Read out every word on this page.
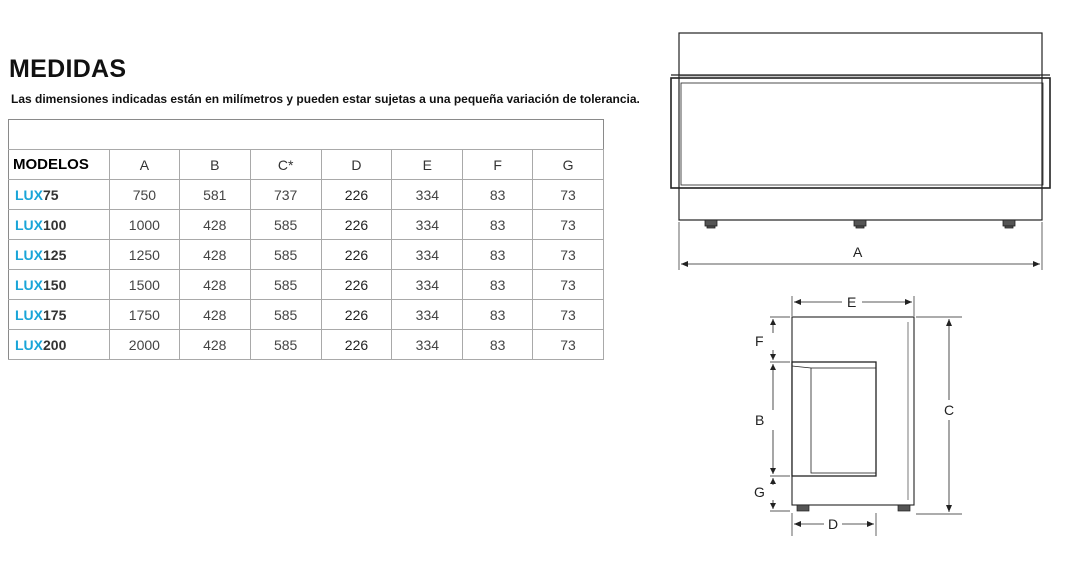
MEDIDAS
Las dimensiones indicadas están en milímetros y pueden estar sujetas a una pequeña variación de tolerancia.
MODELOS	A	B	C*	D	E	F	G
LUX75	750	581	737	226	334	83	73
LUX100	1000	428	585	226	334	83	73
LUX125	1250	428	585	226	334	83	73
LUX150	1500	428	585	226	334	83	73
LUX175	1750	428	585	226	334	83	73
LUX200	2000	428	585	226	334	83	73
A
E
F
B
C
G
D
